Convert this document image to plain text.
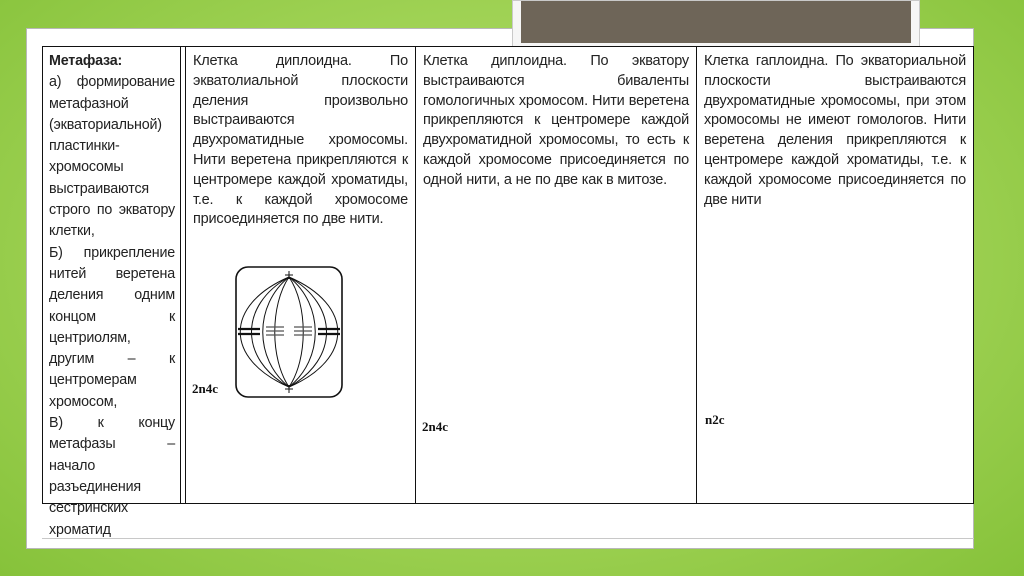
Метафаза:
а) формирование метафазной (экваториальной) пластинки-хромосомы выстраиваются строго по экватору клетки,
Б) прикрепление нитей веретена деления одним концом к центриолям, другим – к центромерам хромосом,
В) к концу метафазы – начало разъединения сестринских хроматид
Клетка диплоидна. По экватолиальной плоскости деления произвольно выстраиваются двухроматидные хромосомы. Нити веретена прикрепляются к центромере каждой хроматиды, т.е. к каждой хромосоме присоединяется по две нити.
2n4c
Клетка диплоидна. По экватору выстраиваются биваленты гомологичных хромосом. Нити веретена прикрепляются к центромере каждой двухроматидной хромосомы, то есть к каждой хромосоме присоединяется по одной нити, а не по две как в митозе.
2n4c
Клетка гаплоидна. По экваториальной плоскости выстраиваются двухроматидные хромосомы, при этом хромосомы не имеют гомологов. Нити веретена деления прикрепляются к центромере каждой хроматиды, т.е. к каждой хромосоме присоединяется по две нити
n2c
